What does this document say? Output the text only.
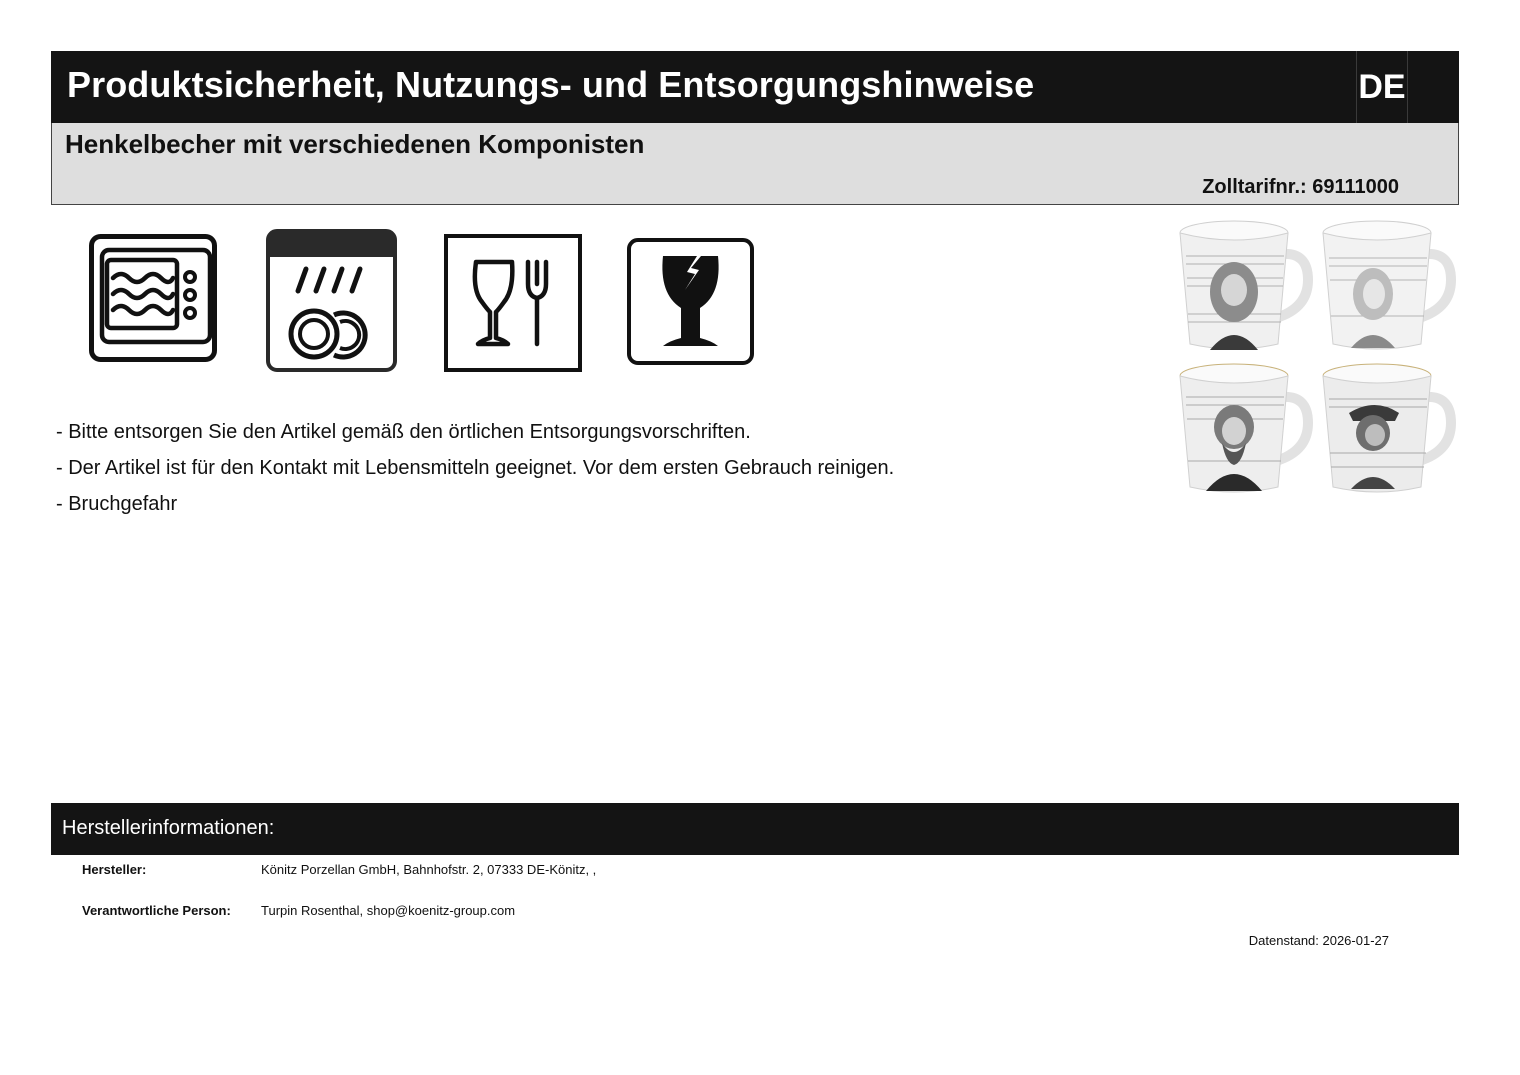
Produktsicherheit, Nutzungs- und Entsorgungshinweise	DE
Henkelbecher mit verschiedenen Komponisten
Zolltarifnr.: 69111000
- Bitte entsorgen Sie den Artikel gemäß den örtlichen Entsorgungsvorschriften.
- Der Artikel ist für den Kontakt mit Lebensmitteln geeignet. Vor dem ersten Gebrauch reinigen.
- Bruchgefahr
Herstellerinformationen:
Hersteller:	Könitz Porzellan GmbH, Bahnhofstr. 2, 07333 DE-Könitz, ,
Verantwortliche Person: Turpin Rosenthal, shop@koenitz-group.com
Datenstand: 2026-01-27
